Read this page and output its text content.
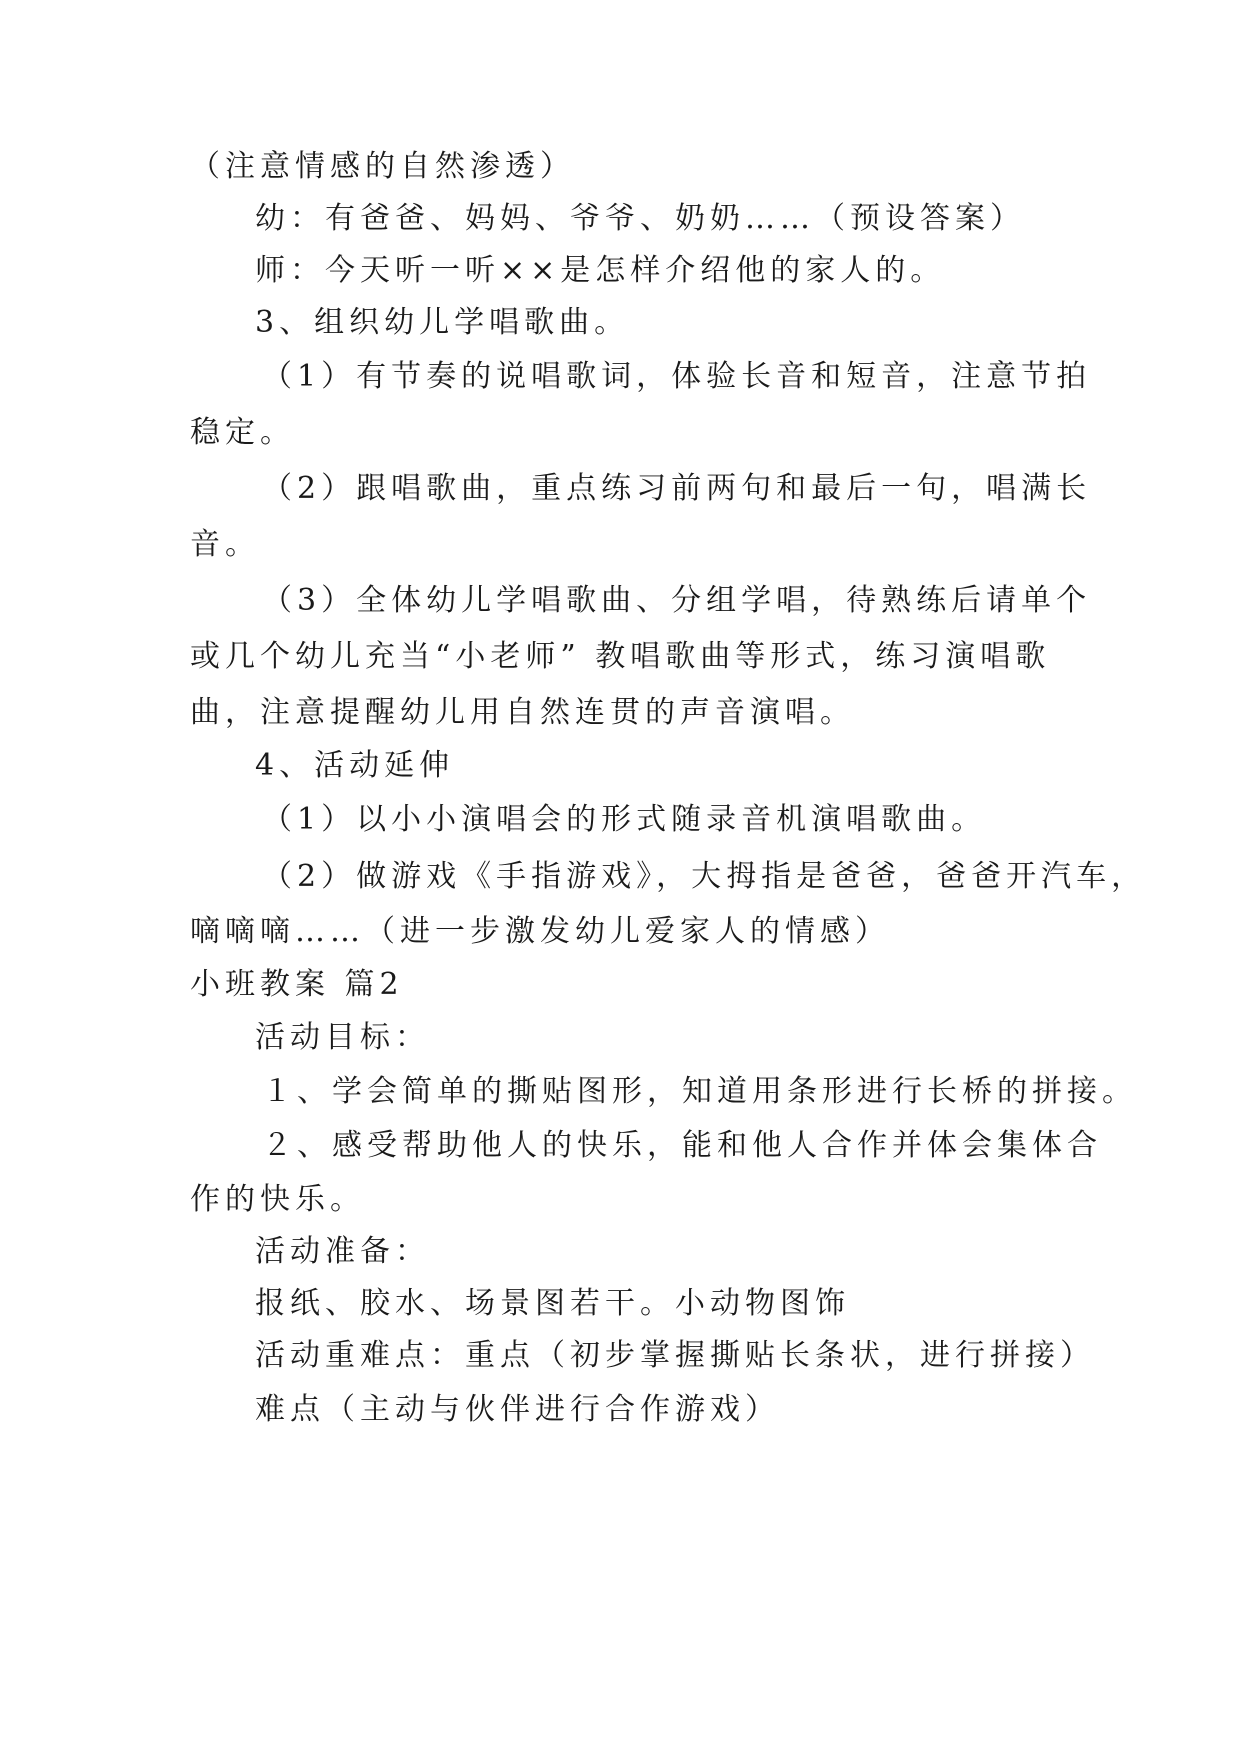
（注意情感的自然渗透）
幼：有爸爸、妈妈、爷爷、奶奶……（预设答案）
师：今天听一听××是怎样介绍他的家人的。
3、组织幼儿学唱歌曲。
（1）有节奏的说唱歌词，体验长音和短音，注意节拍
稳定。
（2）跟唱歌曲，重点练习前两句和最后一句，唱满长
音。
（3）全体幼儿学唱歌曲、分组学唱，待熟练后请单个
或几个幼儿充当“小老师” 教唱歌曲等形式，练习演唱歌
曲，注意提醒幼儿用自然连贯的声音演唱。
4、活动延伸
（1）以小小演唱会的形式随录音机演唱歌曲。
（2）做游戏《手指游戏》，大拇指是爸爸，爸爸开汽车，
嘀嘀嘀……（进一步激发幼儿爱家人的情感）
小班教案 篇2
活动目标：
１、学会简单的撕贴图形，知道用条形进行长桥的拼接。
２、感受帮助他人的快乐，能和他人合作并体会集体合
作的快乐。
活动准备：
报纸、胶水、场景图若干。小动物图饰
活动重难点：重点（初步掌握撕贴长条状，进行拼接）
难点（主动与伙伴进行合作游戏）
